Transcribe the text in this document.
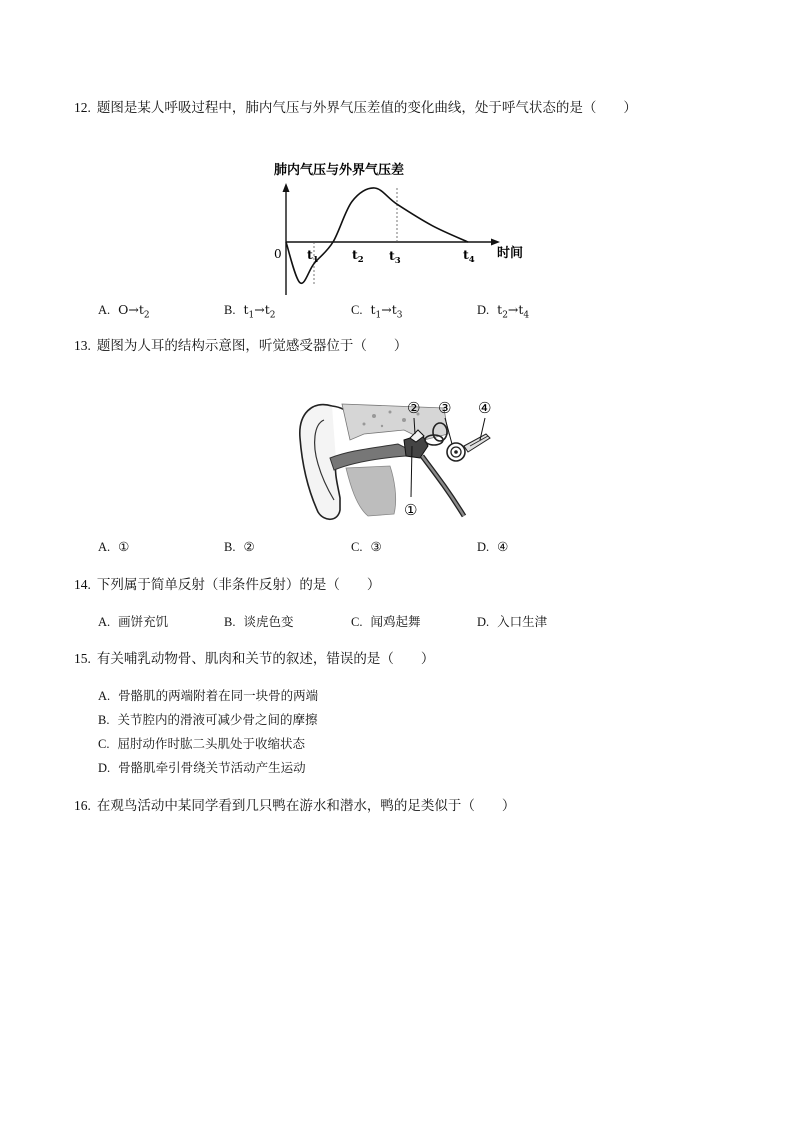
12. 题图是某人呼吸过程中，肺内气压与外界气压差值的变化曲线，处于呼气状态的是（　　）
肺内气压与外界气压差
时间
0 $t_1$	$t_2$ $t_3$	$t_4$
A. $O\to t_2$	B. $t_1\to t_2$	C. $t_1\to t_3$	D. $t_2\to t_4$
13. 题图为人耳的结构示意图，听觉感受器位于（　　）
② ③ ④
①
A. ①	B. ②	C. ③	D. ④
14. 下列属于简单反射（非条件反射）的是（　　）
A. 画饼充饥	B. 谈虎色变	C. 闻鸡起舞	D. 入口生津
15. 有关哺乳动物骨、肌肉和关节的叙述，错误的是（　　）
A. 骨骼肌的两端附着在同一块骨的两端
B. 关节腔内的滑液可减少骨之间的摩擦
C. 屈肘动作时肱二头肌处于收缩状态
D. 骨骼肌牵引骨绕关节活动产生运动
16. 在观鸟活动中某同学看到几只鸭在游水和潜水，鸭的足类似于（　　）
